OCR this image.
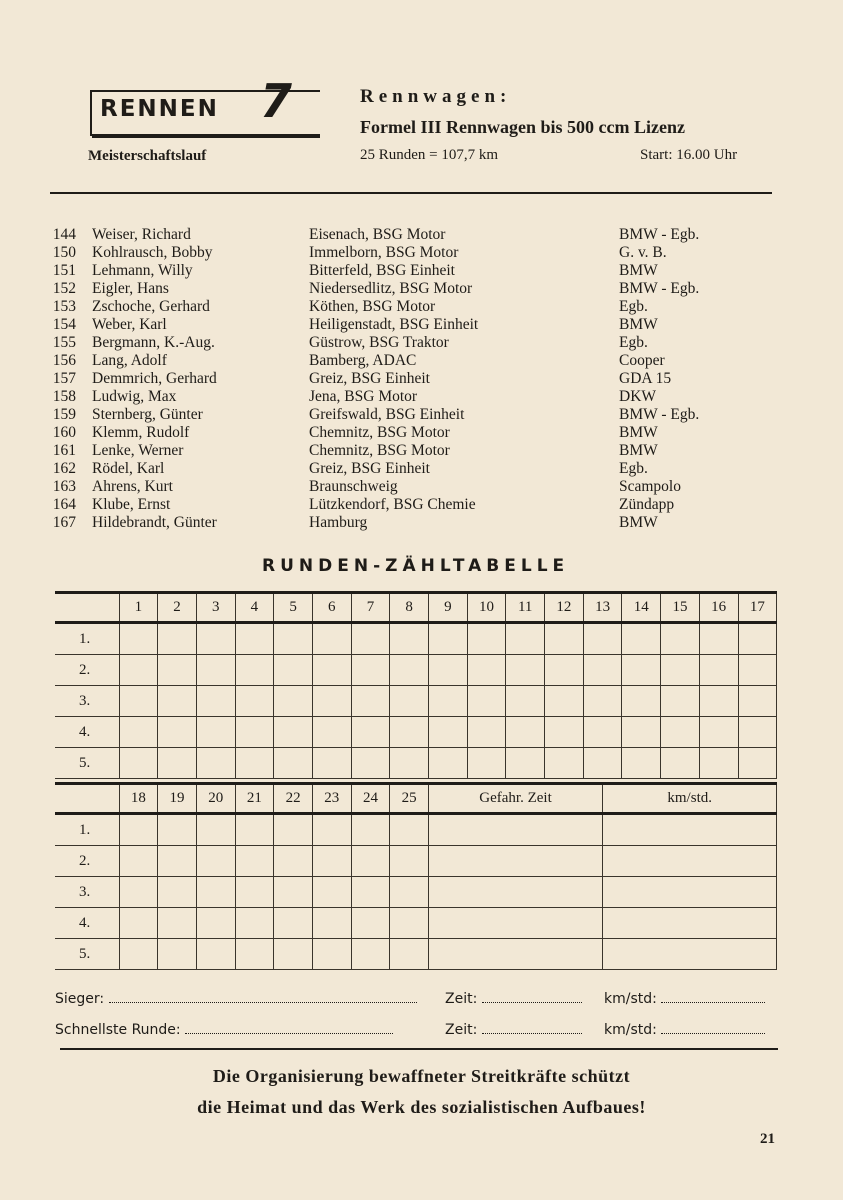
RENNEN 7
Meisterschaftslauf
Rennwagen:
Formel III Rennwagen bis 500 ccm Lizenz
25 Runden = 107,7 km	Start: 16.00 Uhr
144 Weiser, Richard	Eisenach, BSG Motor	BMW - Egb.
150 Kohlrausch, Bobby	Immelborn, BSG Motor	G. v. B.
151 Lehmann, Willy	Bitterfeld, BSG Einheit	BMW
152 Eigler, Hans	Niedersedlitz, BSG Motor	BMW - Egb.
153 Zschoche, Gerhard	Köthen, BSG Motor	Egb.
154 Weber, Karl	Heiligenstadt, BSG Einheit	BMW
155 Bergmann, K.-Aug.	Güstrow, BSG Traktor	Egb.
156 Lang, Adolf	Bamberg, ADAC	Cooper
157 Demmrich, Gerhard	Greiz, BSG Einheit	GDA 15
158 Ludwig, Max	Jena, BSG Motor	DKW
159 Sternberg, Günter	Greifswald, BSG Einheit	BMW - Egb.
160 Klemm, Rudolf	Chemnitz, BSG Motor	BMW
161 Lenke, Werner	Chemnitz, BSG Motor	BMW
162 Rödel, Karl	Greiz, BSG Einheit	Egb.
163 Ahrens, Kurt	Braunschweig	Scampolo
164 Klube, Ernst	Lützkendorf, BSG Chemie	Zündapp
167 Hildebrandt, Günter	Hamburg	BMW
RUNDEN-ZÄHLTABELLE
	1	2	3	4	5	6	7	8	9	10	11	12	13	14	15	16	17
1.																	
2.																	
3.																	
4.																	
5.																	
	18	19	20	21	22	23	24	25	Gefahr. Zeit	km/std.
1.										
2.										
3.										
4.										
5.										
Sieger:	Zeit:	km/std:
Schnellste Runde:	Zeit:	km/std:
Die Organisierung bewaffneter Streitkräfte schützt
die Heimat und das Werk des sozialistischen Aufbaues!
21
